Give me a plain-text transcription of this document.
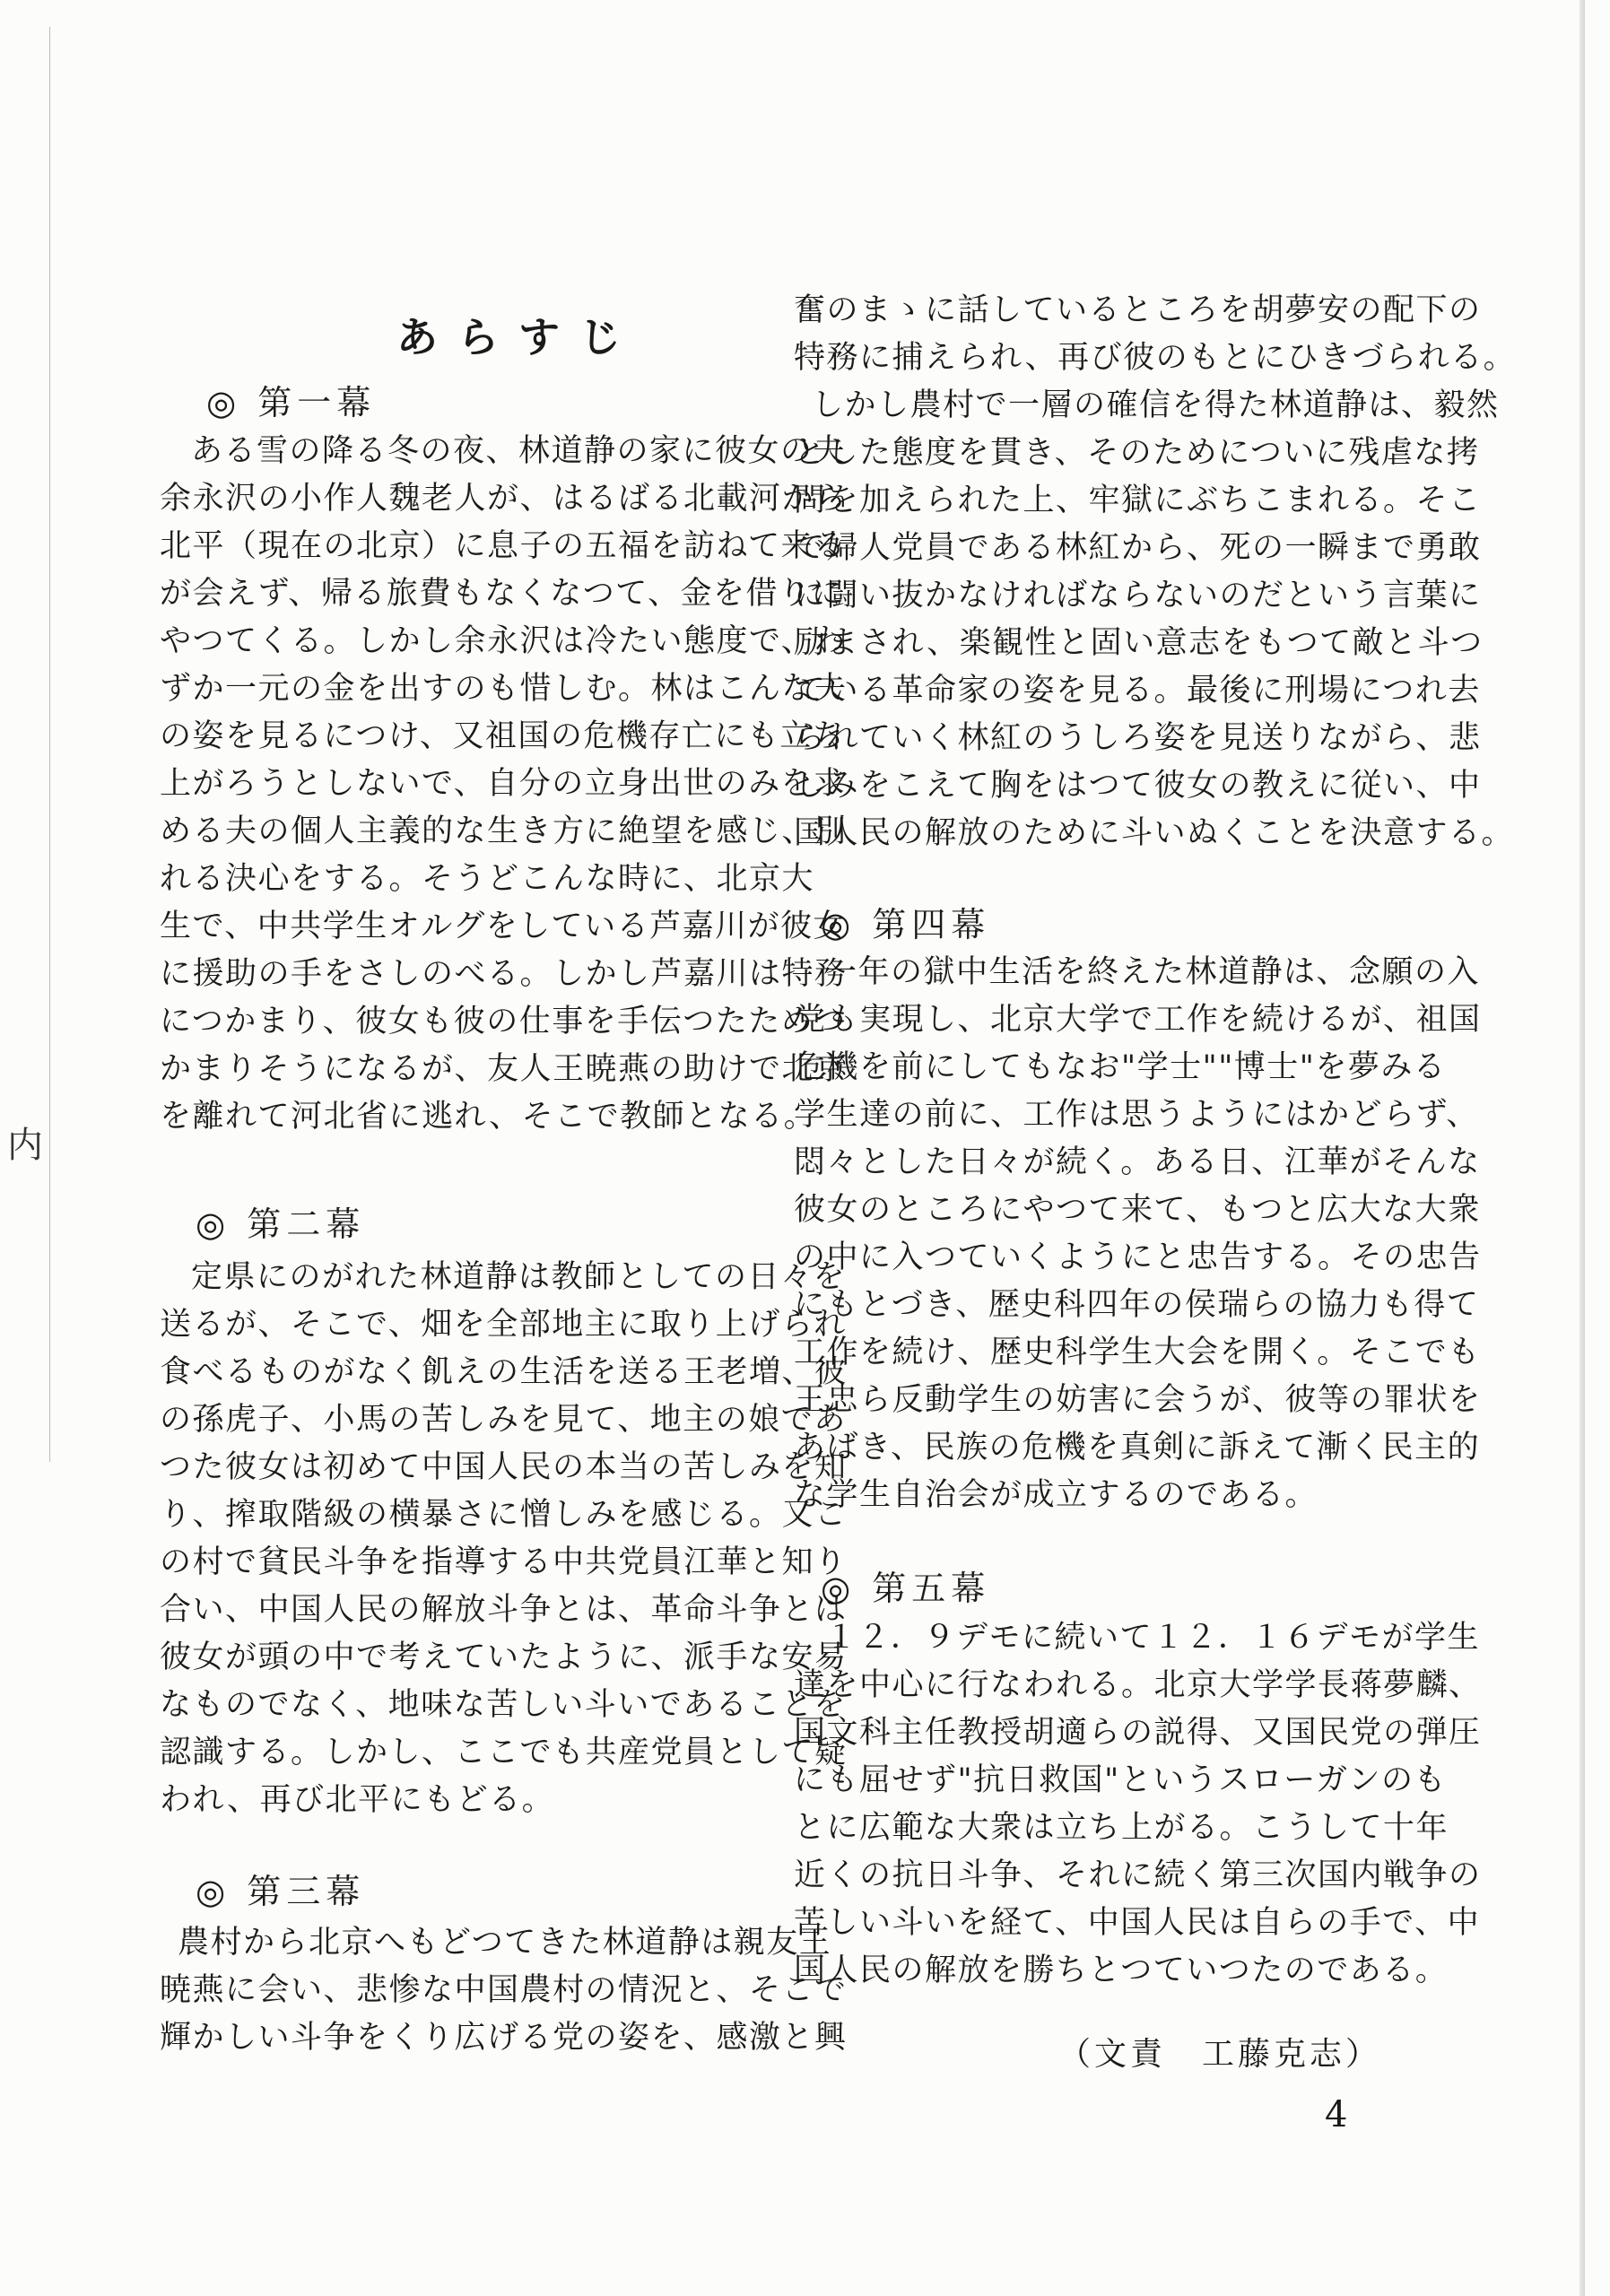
内
あらすじ
◎ 第一幕
ある雪の降る冬の夜、林道静の家に彼女の夫
余永沢の小作人魏老人が、はるばる北載河から
北平（現在の北京）に息子の五福を訪ねて来る
が会えず、帰る旅費もなくなつて、金を借りに
やつてくる。しかし余永沢は冷たい態度で、わ
ずか一元の金を出すのも惜しむ。林はこんな夫
の姿を見るにつけ、又祖国の危機存亡にも立ち
上がろうとしないで、自分の立身出世のみを求
める夫の個人主義的な生き方に絶望を感じ、別
れる決心をする。そうどこんな時に、北京大
生で、中共学生オルグをしている芦嘉川が彼女
に援助の手をさしのべる。しかし芦嘉川は特務
につかまり、彼女も彼の仕事を手伝つたためつ
かまりそうになるが、友人王暁燕の助けで北京
を離れて河北省に逃れ、そこで教師となる。
◎ 第二幕
定県にのがれた林道静は教師としての日々を
送るが、そこで、畑を全部地主に取り上げられ
食べるものがなく飢えの生活を送る王老増、彼
の孫虎子、小馬の苦しみを見て、地主の娘であ
つた彼女は初めて中国人民の本当の苦しみを知
り、搾取階級の横暴さに憎しみを感じる。又こ
の村で貧民斗争を指導する中共党員江華と知り
合い、中国人民の解放斗争とは、革命斗争とは
彼女が頭の中で考えていたように、派手な安易
なものでなく、地味な苦しい斗いであることを
認識する。しかし、ここでも共産党員として疑
われ、再び北平にもどる。
◎ 第三幕
農村から北京へもどつてきた林道静は親友王
暁燕に会い、悲惨な中国農村の情況と、そこで
輝かしい斗争をくり広げる党の姿を、感激と興
奮のまゝに話しているところを胡夢安の配下の
特務に捕えられ、再び彼のもとにひきづられる。
しかし農村で一層の確信を得た林道静は、毅然
とした態度を貫き、そのためについに残虐な拷
問を加えられた上、牢獄にぶちこまれる。そこ
で婦人党員である林紅から、死の一瞬まで勇敢
に闘い抜かなければならないのだという言葉に
励まされ、楽観性と固い意志をもつて敵と斗つ
ている革命家の姿を見る。最後に刑場につれ去
られていく林紅のうしろ姿を見送りながら、悲
しみをこえて胸をはつて彼女の教えに従い、中
国人民の解放のために斗いぬくことを決意する。
◎ 第四幕
一年の獄中生活を終えた林道静は、念願の入
党も実現し、北京大学で工作を続けるが、祖国
危機を前にしてもなお"学士""博士"を夢みる
学生達の前に、工作は思うようにはかどらず、
悶々とした日々が続く。ある日、江華がそんな
彼女のところにやつて来て、もつと広大な大衆
の中に入つていくようにと忠告する。その忠告
にもとづき、歴史科四年の侯瑞らの協力も得て
工作を続け、歴史科学生大会を開く。そこでも
王忠ら反動学生の妨害に会うが、彼等の罪状を
あばき、民族の危機を真剣に訴えて漸く民主的
な学生自治会が成立するのである。
◎ 第五幕
１２．９デモに続いて１２．１６デモが学生
達を中心に行なわれる。北京大学学長蒋夢麟、
国文科主任教授胡適らの説得、又国民党の弾圧
にも屈せず"抗日救国"というスローガンのも
とに広範な大衆は立ち上がる。こうして十年
近くの抗日斗争、それに続く第三次国内戦争の
苦しい斗いを経て、中国人民は自らの手で、中
国人民の解放を勝ちとつていつたのである。
（文責　工藤克志）
4
